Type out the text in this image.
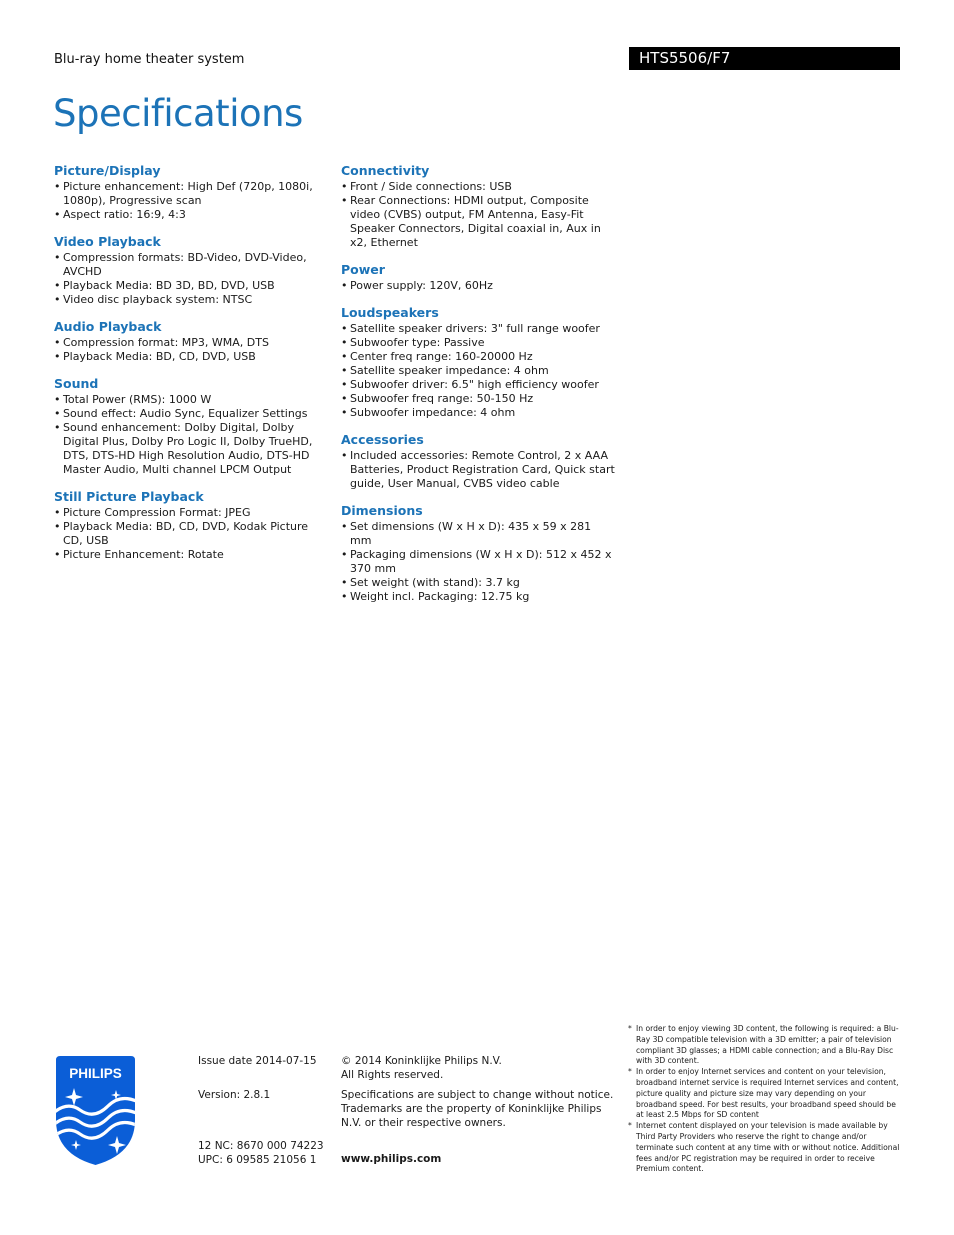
Blu-ray home theater system	HTS5506/F7
Specifications
Picture/Display
• Picture enhancement: High Def (720p, 1080i, 1080p), Progressive scan
• Aspect ratio: 16:9, 4:3
Video Playback
• Compression formats: BD-Video, DVD-Video, AVCHD
• Playback Media: BD 3D, BD, DVD, USB
• Video disc playback system: NTSC
Audio Playback
• Compression format: MP3, WMA, DTS
• Playback Media: BD, CD, DVD, USB
Sound
• Total Power (RMS): 1000 W
• Sound effect: Audio Sync, Equalizer Settings
• Sound enhancement: Dolby Digital, Dolby Digital Plus, Dolby Pro Logic II, Dolby TrueHD, DTS, DTS-HD High Resolution Audio, DTS-HD Master Audio, Multi channel LPCM Output
Still Picture Playback
• Picture Compression Format: JPEG
• Playback Media: BD, CD, DVD, Kodak Picture CD, USB
• Picture Enhancement: Rotate
Connectivity
• Front / Side connections: USB
• Rear Connections: HDMI output, Composite video (CVBS) output, FM Antenna, Easy-Fit Speaker Connectors, Digital coaxial in, Aux in x2, Ethernet
Power
• Power supply: 120V, 60Hz
Loudspeakers
• Satellite speaker drivers: 3" full range woofer
• Subwoofer type: Passive
• Center freq range: 160-20000 Hz
• Satellite speaker impedance: 4 ohm
• Subwoofer driver: 6.5" high efficiency woofer
• Subwoofer freq range: 50-150 Hz
• Subwoofer impedance: 4 ohm
Accessories
• Included accessories: Remote Control, 2 x AAA Batteries, Product Registration Card, Quick start guide, User Manual, CVBS video cable
Dimensions
• Set dimensions (W x H x D): 435 x 59 x 281 mm
• Packaging dimensions (W x H x D): 512 x 452 x 370 mm
• Set weight (with stand): 3.7 kg
• Weight incl. Packaging: 12.75 kg
PHILIPS
Issue date 2014-07-15
Version: 2.8.1
12 NC: 8670 000 74223
UPC: 6 09585 21056 1
© 2014 Koninklijke Philips N.V.
All Rights reserved.
Specifications are subject to change without notice. Trademarks are the property of Koninklijke Philips N.V. or their respective owners.
www.philips.com
* In order to enjoy viewing 3D content, the following is required: a Blu-Ray 3D compatible television with a 3D emitter; a pair of television compliant 3D glasses; a HDMI cable connection; and a Blu-Ray Disc with 3D content.
* In order to enjoy Internet services and content on your television, broadband internet service is required Internet services and content, picture quality and picture size may vary depending on your broadband speed. For best results, your broadband speed should be at least 2.5 Mbps for SD content
* Internet content displayed on your television is made available by Third Party Providers who reserve the right to change and/or terminate such content at any time with or without notice. Additional fees and/or PC registration may be required in order to receive Premium content.
